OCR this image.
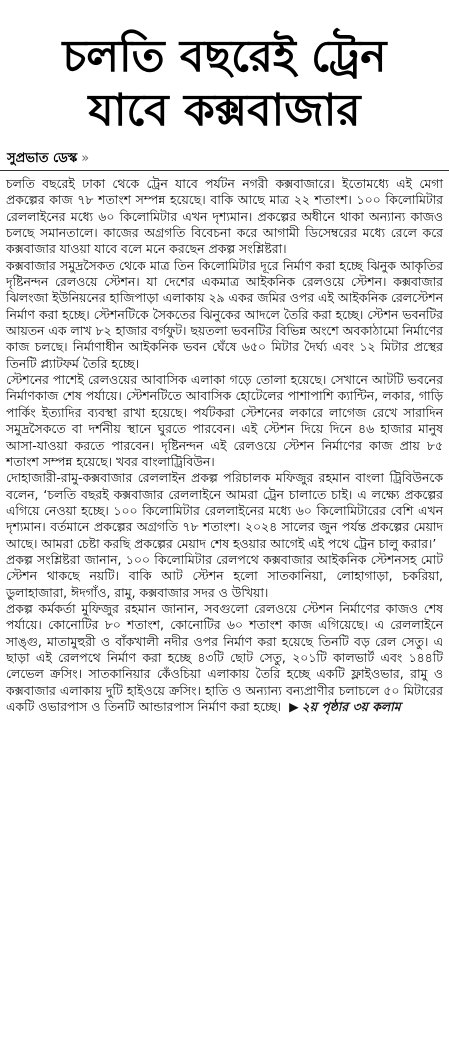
চলতি বছরেই ট্রেন
যাবে কক্সবাজার
সুপ্রভাত ডেস্ক »

চলতি বছরেই ঢাকা থেকে ট্রেন যাবে পর্যটন নগরী কক্সবাজারে। ইতোমধ্যে এই মেগা প্রকল্পের কাজ ৭৮ শতাংশ সম্পন্ন হয়েছে। বাকি আছে মাত্র ২২ শতাংশ। ১০০ কিলোমিটার রেললাইনের মধ্যে ৬০ কিলোমিটার এখন দৃশ্যমান। প্রকল্পের অধীনে থাকা অন্যান্য কাজও চলছে সমানতালে। কাজের অগ্রগতি বিবেচনা করে আগামী ডিসেম্বরের মধ্যে রেলে করে কক্সবাজার যাওয়া যাবে বলে মনে করছেন প্রকল্প সংশ্লিষ্টরা।

কক্সবাজার সমুদ্রসৈকত থেকে মাত্র তিন কিলোমিটার দূরে নির্মাণ করা হচ্ছে ঝিনুক আকৃতির দৃষ্টিনন্দন রেলওয়ে স্টেশন। যা দেশের একমাত্র আইকনিক রেলওয়ে স্টেশন। কক্সবাজার ঝিলংজা ইউনিয়নের হাজিপাড়া এলাকায় ২৯ একর জমির ওপর এই আইকনিক রেলস্টেশন নির্মাণ করা হচ্ছে। স্টেশনটিকে সৈকতের ঝিনুকের আদলে তৈরি করা হচ্ছে। স্টেশন ভবনটির আয়তন এক লাখ ৮২ হাজার বর্গফুট। ছয়তলা ভবনটির বিভিন্ন অংশে অবকাঠামো নির্মাণের কাজ চলছে। নির্মাণাধীন আইকনিক ভবন ঘেঁষে ৬৫০ মিটার দৈর্ঘ্য এবং ১২ মিটার প্রস্থের তিনটি প্ল্যাটফর্ম তৈরি হচ্ছে।

স্টেশনের পাশেই রেলওয়ের আবাসিক এলাকা গড়ে তোলা হয়েছে। সেখানে আটটি ভবনের নির্মাণকাজ শেষ পর্যায়ে। স্টেশনটিতে আবাসিক হোটেলের পাশাপাশি ক্যান্টিন, লকার, গাড়ি পার্কিং ইত্যাদির ব্যবস্থা রাখা হয়েছে। পর্যটকরা স্টেশনের লকারে লাগেজ রেখে সারাদিন সমুদ্রসৈকতে বা দর্শনীয় স্থানে ঘুরতে পারবেন। এই স্টেশন দিয়ে দিনে ৪৬ হাজার মানুষ আসা-যাওয়া করতে পারবেন। দৃষ্টিনন্দন এই রেলওয়ে স্টেশন নির্মাণের কাজ প্রায় ৮৫ শতাংশ সম্পন্ন হয়েছে। খবর বাংলাট্রিবিউন।

দোহাজারী-রামু-কক্সবাজার রেললাইন প্রকল্প পরিচালক মফিজুর রহমান বাংলা ট্রিবিউনকে বলেন, ‘চলতি বছরই কক্সবাজার রেললাইনে আমরা ট্রেন চালাতে চাই। এ লক্ষ্যে প্রকল্পের এগিয়ে নেওয়া হচ্ছে। ১০০ কিলোমিটার রেললাইনের মধ্যে ৬০ কিলোমিটারের বেশি এখন দৃশ্যমান। বর্তমানে প্রকল্পের অগ্রগতি ৭৮ শতাংশ। ২০২৪ সালের জুন পর্যন্ত প্রকল্পের মেয়াদ আছে। আমরা চেষ্টা করছি প্রকল্পের মেয়াদ শেষ হওয়ার আগেই এই পথে ট্রেন চালু করার।’

প্রকল্প সংশ্লিষ্টরা জানান, ১০০ কিলোমিটার রেলপথে কক্সবাজার আইকনিক স্টেশনসহ মোট স্টেশন থাকছে নয়টি। বাকি আট স্টেশন হলো সাতকানিয়া, লোহাগাড়া, চকরিয়া, ডুলাহাজারা, ঈদগাঁও, রামু, কক্সবাজার সদর ও উখিয়া।

প্রকল্প কর্মকর্তা মুফিজুর রহমান জানান, সবগুলো রেলওয়ে স্টেশন নির্মাণের কাজও শেষ পর্যায়ে। কোনোটির ৮০ শতাংশ, কোনোটির ৬০ শতাংশ কাজ এগিয়েছে। এ রেললাইনে সাঙ্গু, মাতামুহুরী ও বাঁকখালী নদীর ওপর নির্মাণ করা হয়েছে তিনটি বড় রেল সেতু। এ ছাড়া এই রেলপথে নির্মাণ করা হচ্ছে ৪৩টি ছোট সেতু, ২০১টি কালভার্ট এবং ১৪৪টি লেভেল ক্রসিং। সাতকানিয়ার কেঁওচিয়া এলাকায় তৈরি হচ্ছে একটি ফ্লাইওভার, রামু ও কক্সবাজার এলাকায় দুটি হাইওয়ে ক্রসিং। হাতি ও অন্যান্য বন্যপ্রাণীর চলাচলে ৫০ মিটারের একটি ওভারপাস ও তিনটি আন্ডারপাস নির্মাণ করা হচ্ছে। ▶ ২য় পৃষ্ঠার ৩য় কলাম
